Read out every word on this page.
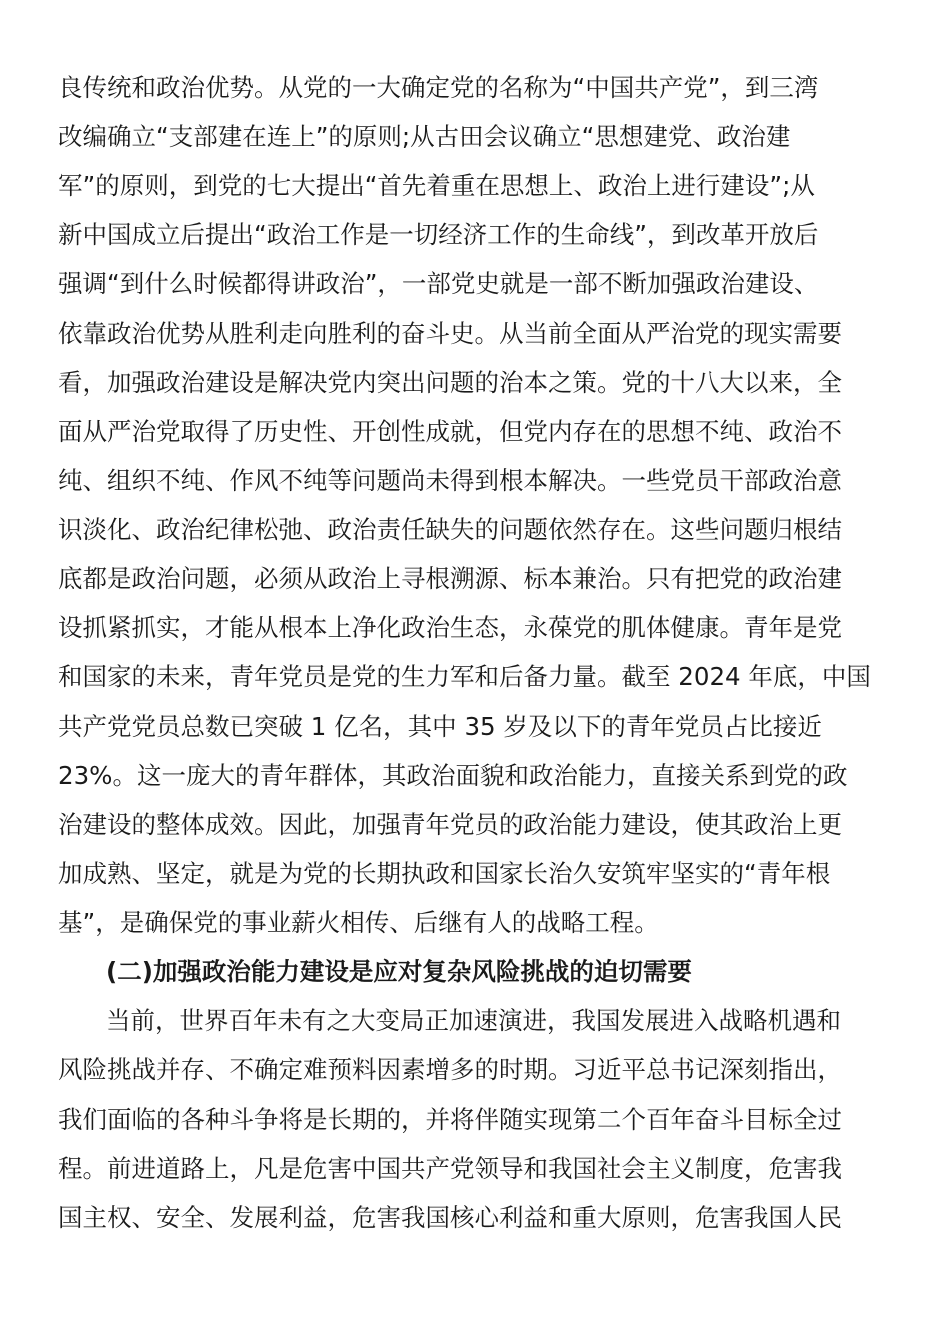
良传统和政治优势。从党的一大确定党的名称为“中国共产党”，到三湾
改编确立“支部建在连上”的原则;从古田会议确立“思想建党、政治建
军”的原则，到党的七大提出“首先着重在思想上、政治上进行建设”;从
新中国成立后提出“政治工作是一切经济工作的生命线”，到改革开放后
强调“到什么时候都得讲政治”，一部党史就是一部不断加强政治建设、
依靠政治优势从胜利走向胜利的奋斗史。从当前全面从严治党的现实需要
看，加强政治建设是解决党内突出问题的治本之策。党的十八大以来，全
面从严治党取得了历史性、开创性成就，但党内存在的思想不纯、政治不
纯、组织不纯、作风不纯等问题尚未得到根本解决。一些党员干部政治意
识淡化、政治纪律松弛、政治责任缺失的问题依然存在。这些问题归根结
底都是政治问题，必须从政治上寻根溯源、标本兼治。只有把党的政治建
设抓紧抓实，才能从根本上净化政治生态，永葆党的肌体健康。青年是党
和国家的未来，青年党员是党的生力军和后备力量。截至 2024 年底，中国
共产党党员总数已突破 1 亿名，其中 35 岁及以下的青年党员占比接近
23%。这一庞大的青年群体，其政治面貌和政治能力，直接关系到党的政
治建设的整体成效。因此，加强青年党员的政治能力建设，使其政治上更
加成熟、坚定，就是为党的长期执政和国家长治久安筑牢坚实的“青年根
基”，是确保党的事业薪火相传、后继有人的战略工程。
(二)加强政治能力建设是应对复杂风险挑战的迫切需要
当前，世界百年未有之大变局正加速演进，我国发展进入战略机遇和
风险挑战并存、不确定难预料因素增多的时期。习近平总书记深刻指出，
我们面临的各种斗争将是长期的，并将伴随实现第二个百年奋斗目标全过
程。前进道路上，凡是危害中国共产党领导和我国社会主义制度，危害我
国主权、安全、发展利益，危害我国核心利益和重大原则，危害我国人民
